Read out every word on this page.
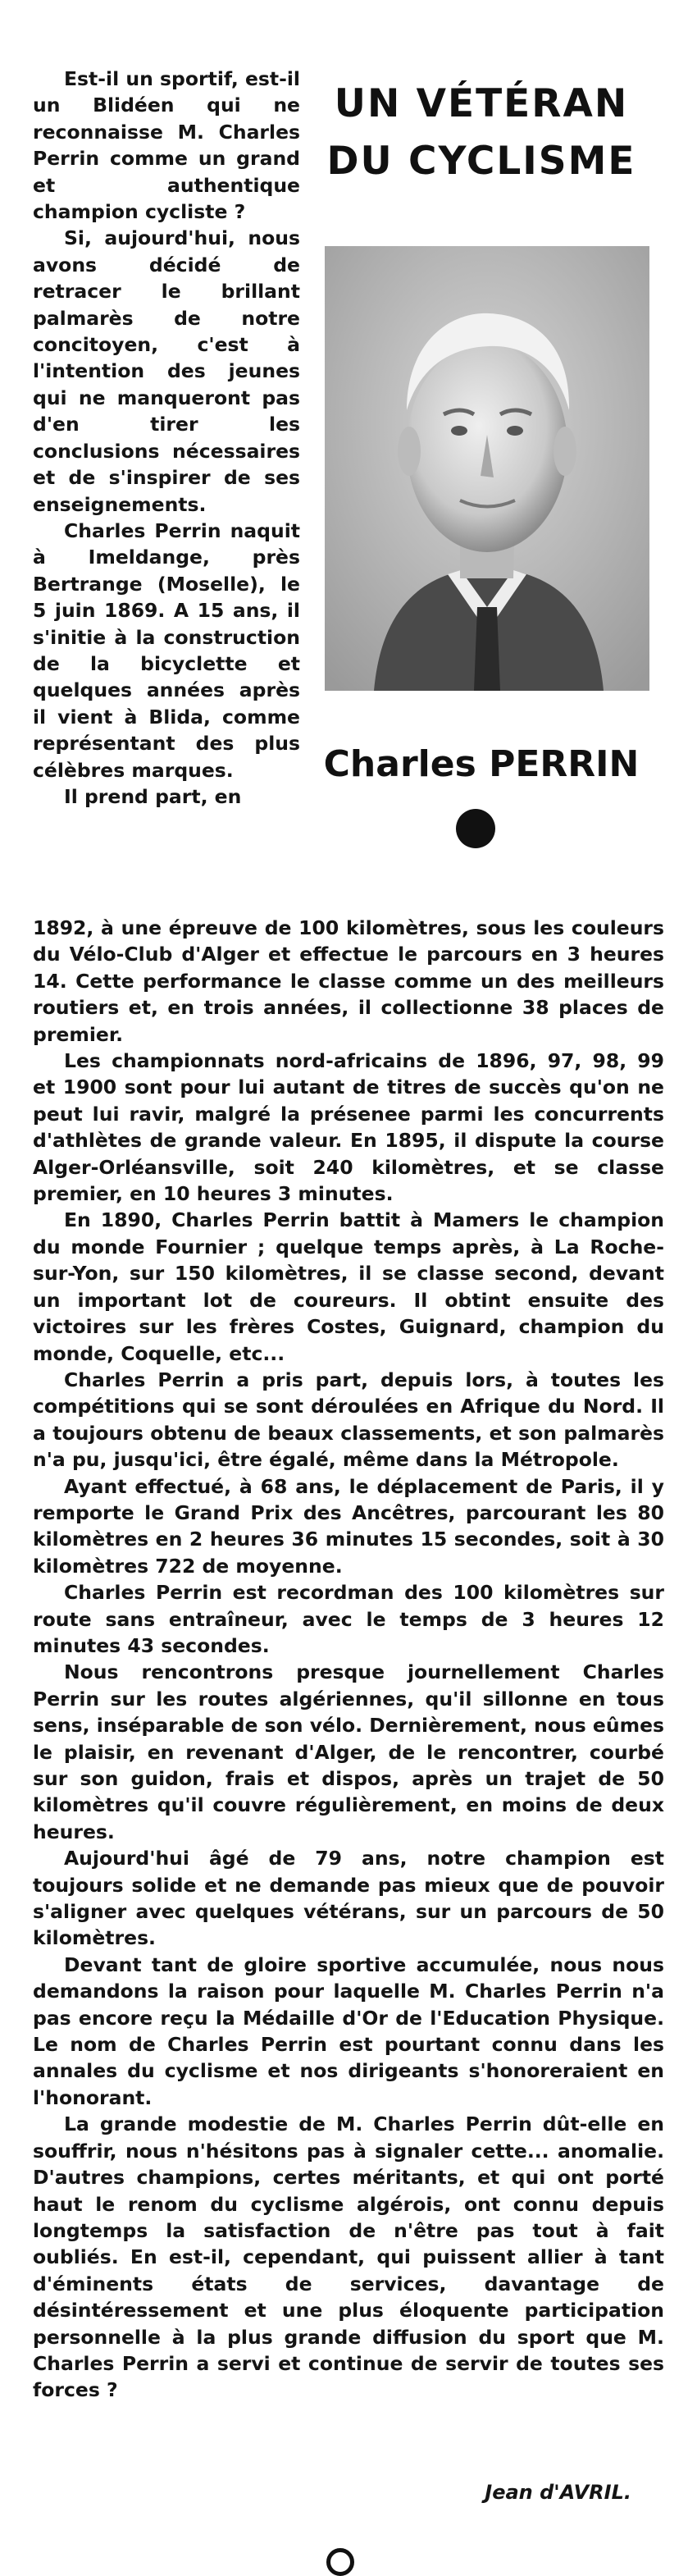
UN VÉTÉRAN
DU CYCLISME
Charles PERRIN

Est-il un sportif, est-il un Blidéen qui ne reconnaisse M. Charles Perrin comme un grand et authentique champion cycliste ?

Si, aujourd'hui, nous avons décidé de retracer le brillant palmarès de notre concitoyen, c'est à l'intention des jeunes qui ne manqueront pas d'en tirer les conclusions nécessaires et de s'inspirer de ses enseignements.

Charles Perrin naquit à Imeldange, près Bertrange (Moselle), le 5 juin 1869. A 15 ans, il s'initie à la construction de la bicyclette et quelques années après il vient à Blida, comme représentant des plus célèbres marques.

Il prend part, en

1892, à une épreuve de 100 kilomètres, sous les couleurs du Vélo-Club d'Alger et effectue le parcours en 3 heures 14. Cette performance le classe comme un des meilleurs routiers et, en trois années, il collectionne 38 places de premier.

Les championnats nord-africains de 1896, 97, 98, 99 et 1900 sont pour lui autant de titres de succès qu'on ne peut lui ravir, malgré la présenee parmi les concurrents d'athlètes de grande valeur. En 1895, il dispute la course Alger-Orléansville, soit 240 kilomètres, et se classe premier, en 10 heures 3 minutes.

En 1890, Charles Perrin battit à Mamers le champion du monde Fournier ; quelque temps après, à La Roche-sur-Yon, sur 150 kilomètres, il se classe second, devant un important lot de coureurs. Il obtint ensuite des victoires sur les frères Costes, Guignard, champion du monde, Coquelle, etc...

Charles Perrin a pris part, depuis lors, à toutes les compétitions qui se sont déroulées en Afrique du Nord. Il a toujours obtenu de beaux classements, et son palmarès n'a pu, jusqu'ici, être égalé, même dans la Métropole.

Ayant effectué, à 68 ans, le déplacement de Paris, il y remporte le Grand Prix des Ancêtres, parcourant les 80 kilomètres en 2 heures 36 minutes 15 secondes, soit à 30 kilomètres 722 de moyenne.

Charles Perrin est recordman des 100 kilomètres sur route sans entraîneur, avec le temps de 3 heures 12 minutes 43 secondes.

Nous rencontrons presque journellement Charles Perrin sur les routes algériennes, qu'il sillonne en tous sens, inséparable de son vélo. Dernièrement, nous eûmes le plaisir, en revenant d'Alger, de le rencontrer, courbé sur son guidon, frais et dispos, après un trajet de 50 kilomètres qu'il couvre régulièrement, en moins de deux heures.

Aujourd'hui âgé de 79 ans, notre champion est toujours solide et ne demande pas mieux que de pouvoir s'aligner avec quelques vétérans, sur un parcours de 50 kilomètres.

Devant tant de gloire sportive accumulée, nous nous demandons la raison pour laquelle M. Charles Perrin n'a pas encore reçu la Médaille d'Or de l'Education Physique. Le nom de Charles Perrin est pourtant connu dans les annales du cyclisme et nos dirigeants s'honoreraient en l'honorant.

La grande modestie de M. Charles Perrin dût-elle en souffrir, nous n'hésitons pas à signaler cette... anomalie. D'autres champions, certes méritants, et qui ont porté haut le renom du cyclisme algérois, ont connu depuis longtemps la satisfaction de n'être pas tout à fait oubliés. En est-il, cependant, qui puissent allier à tant d'éminents états de services, davantage de désintéressement et une plus éloquente participation personnelle à la plus grande diffusion du sport que M. Charles Perrin a servi et continue de servir de toutes ses forces ?

Jean d'AVRIL.
